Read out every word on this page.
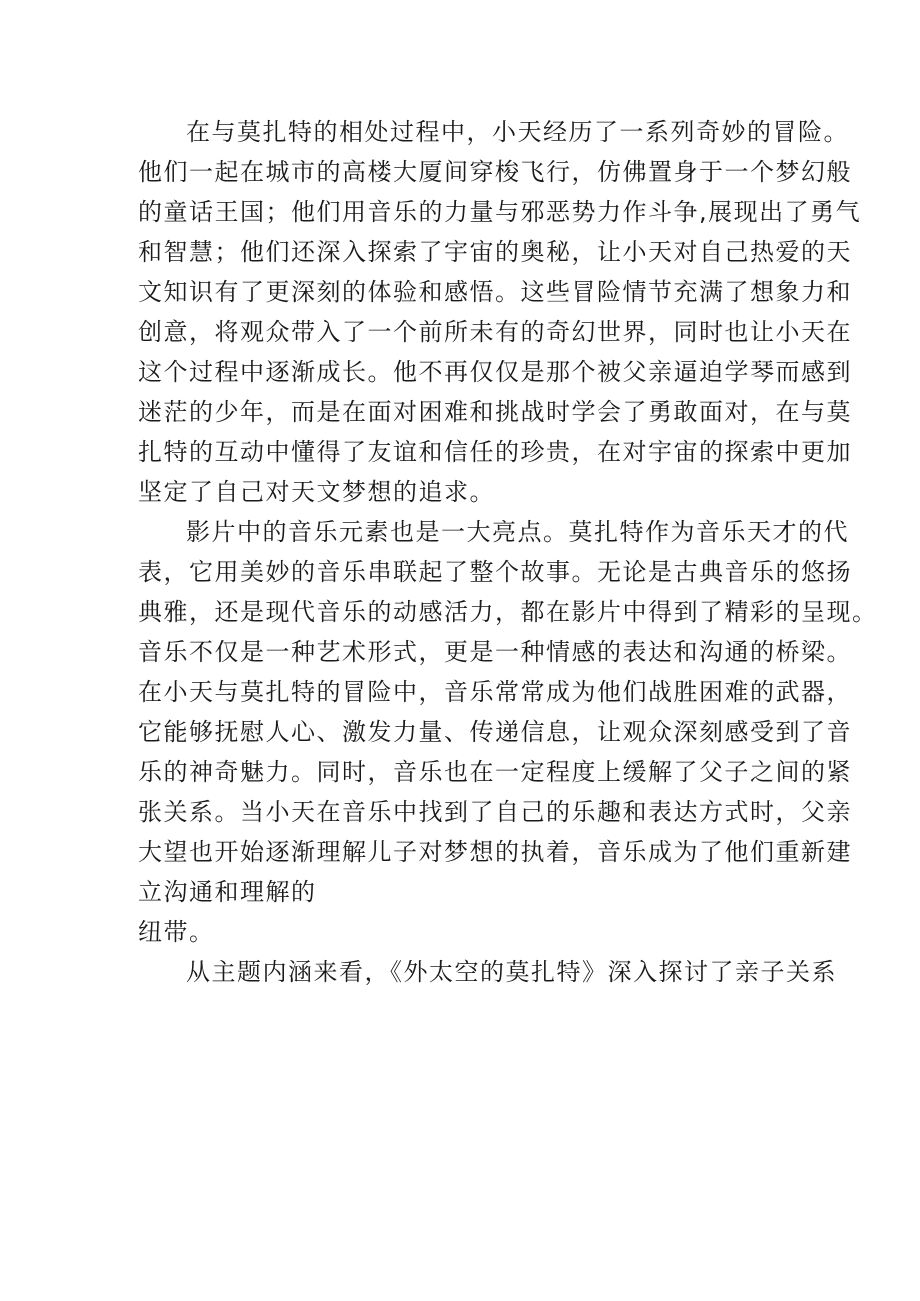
在与莫扎特的相处过程中，小天经历了一系列奇妙的冒险。
他们一起在城市的高楼大厦间穿梭飞行，仿佛置身于一个梦幻般
的童话王国；他们用音乐的力量与邪恶势力作斗争,展现出了勇气
和智慧；他们还深入探索了宇宙的奥秘，让小天对自己热爱的天
文知识有了更深刻的体验和感悟。这些冒险情节充满了想象力和
创意，将观众带入了一个前所未有的奇幻世界，同时也让小天在
这个过程中逐渐成长。他不再仅仅是那个被父亲逼迫学琴而感到
迷茫的少年，而是在面对困难和挑战时学会了勇敢面对，在与莫
扎特的互动中懂得了友谊和信任的珍贵，在对宇宙的探索中更加
坚定了自己对天文梦想的追求。
影片中的音乐元素也是一大亮点。莫扎特作为音乐天才的代
表，它用美妙的音乐串联起了整个故事。无论是古典音乐的悠扬
典雅，还是现代音乐的动感活力，都在影片中得到了精彩的呈现。
音乐不仅是一种艺术形式，更是一种情感的表达和沟通的桥梁。
在小天与莫扎特的冒险中，音乐常常成为他们战胜困难的武器，
它能够抚慰人心、激发力量、传递信息，让观众深刻感受到了音
乐的神奇魅力。同时，音乐也在一定程度上缓解了父子之间的紧
张关系。当小天在音乐中找到了自己的乐趣和表达方式时，父亲
大望也开始逐渐理解儿子对梦想的执着，音乐成为了他们重新建
立沟通和理解的
纽带。
从主题内涵来看，《外太空的莫扎特》深入探讨了亲子关系
